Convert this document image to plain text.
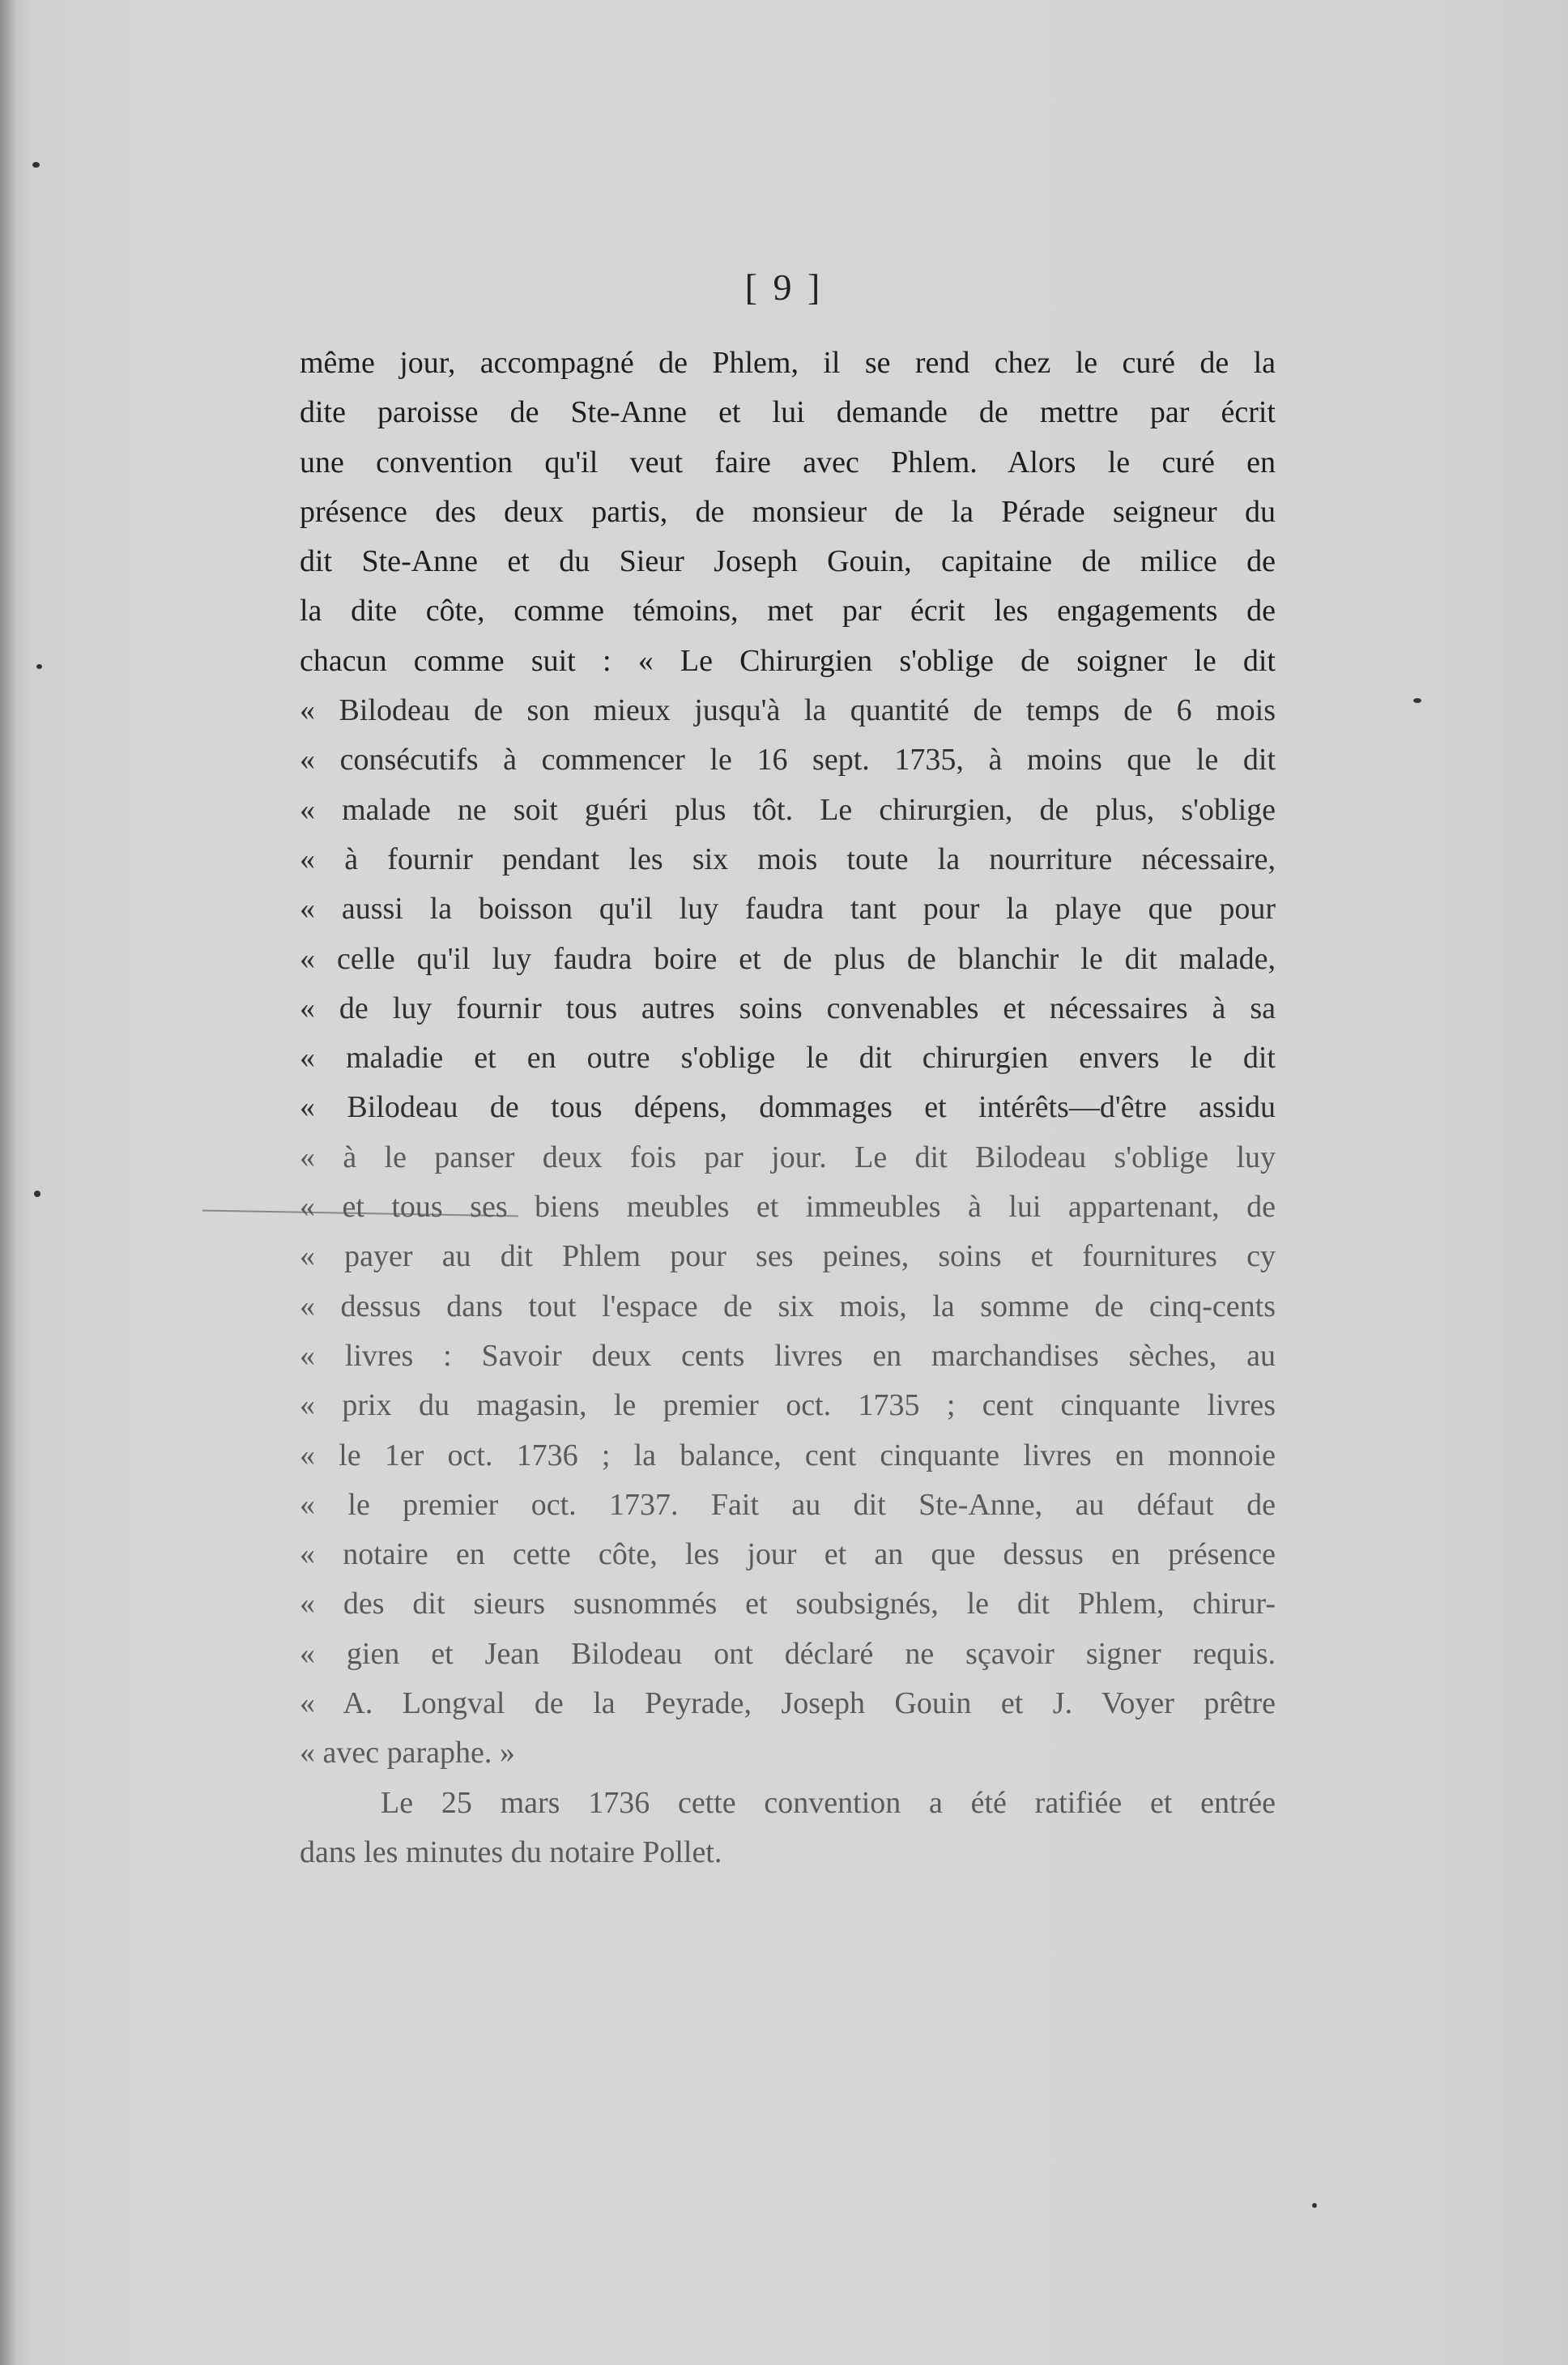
[ 9 ]
même jour, accompagné de Phlem, il se rend chez le curé de la
dite paroisse de Ste-Anne et lui demande de mettre par écrit
une convention qu'il veut faire avec Phlem. Alors le curé en
présence des deux partis, de monsieur de la Pérade seigneur du
dit Ste-Anne et du Sieur Joseph Gouin, capitaine de milice de
la dite côte, comme témoins, met par écrit les engagements de
chacun comme suit : « Le Chirurgien s'oblige de soigner le dit
« Bilodeau de son mieux jusqu'à la quantité de temps de 6 mois
« consécutifs à commencer le 16 sept. 1735, à moins que le dit
« malade ne soit guéri plus tôt. Le chirurgien, de plus, s'oblige
« à fournir pendant les six mois toute la nourriture nécessaire,
« aussi la boisson qu'il luy faudra tant pour la playe que pour
« celle qu'il luy faudra boire et de plus de blanchir le dit malade,
« de luy fournir tous autres soins convenables et nécessaires à sa
« maladie et en outre s'oblige le dit chirurgien envers le dit
« Bilodeau de tous dépens, dommages et intérêts—d'être assidu
« à le panser deux fois par jour. Le dit Bilodeau s'oblige luy
« et tous ses biens meubles et immeubles à lui appartenant, de
« payer au dit Phlem pour ses peines, soins et fournitures cy
« dessus dans tout l'espace de six mois, la somme de cinq-cents
« livres : Savoir deux cents livres en marchandises sèches, au
« prix du magasin, le premier oct. 1735 ; cent cinquante livres
« le 1er oct. 1736 ; la balance, cent cinquante livres en monnoie
« le premier oct. 1737. Fait au dit Ste-Anne, au défaut de
« notaire en cette côte, les jour et an que dessus en présence
« des dit sieurs susnommés et soubsignés, le dit Phlem, chirur-
« gien et Jean Bilodeau ont déclaré ne sçavoir signer requis.
« A. Longval de la Peyrade, Joseph Gouin et J. Voyer prêtre
« avec paraphe. »
Le 25 mars 1736 cette convention a été ratifiée et entrée
dans les minutes du notaire Pollet.
